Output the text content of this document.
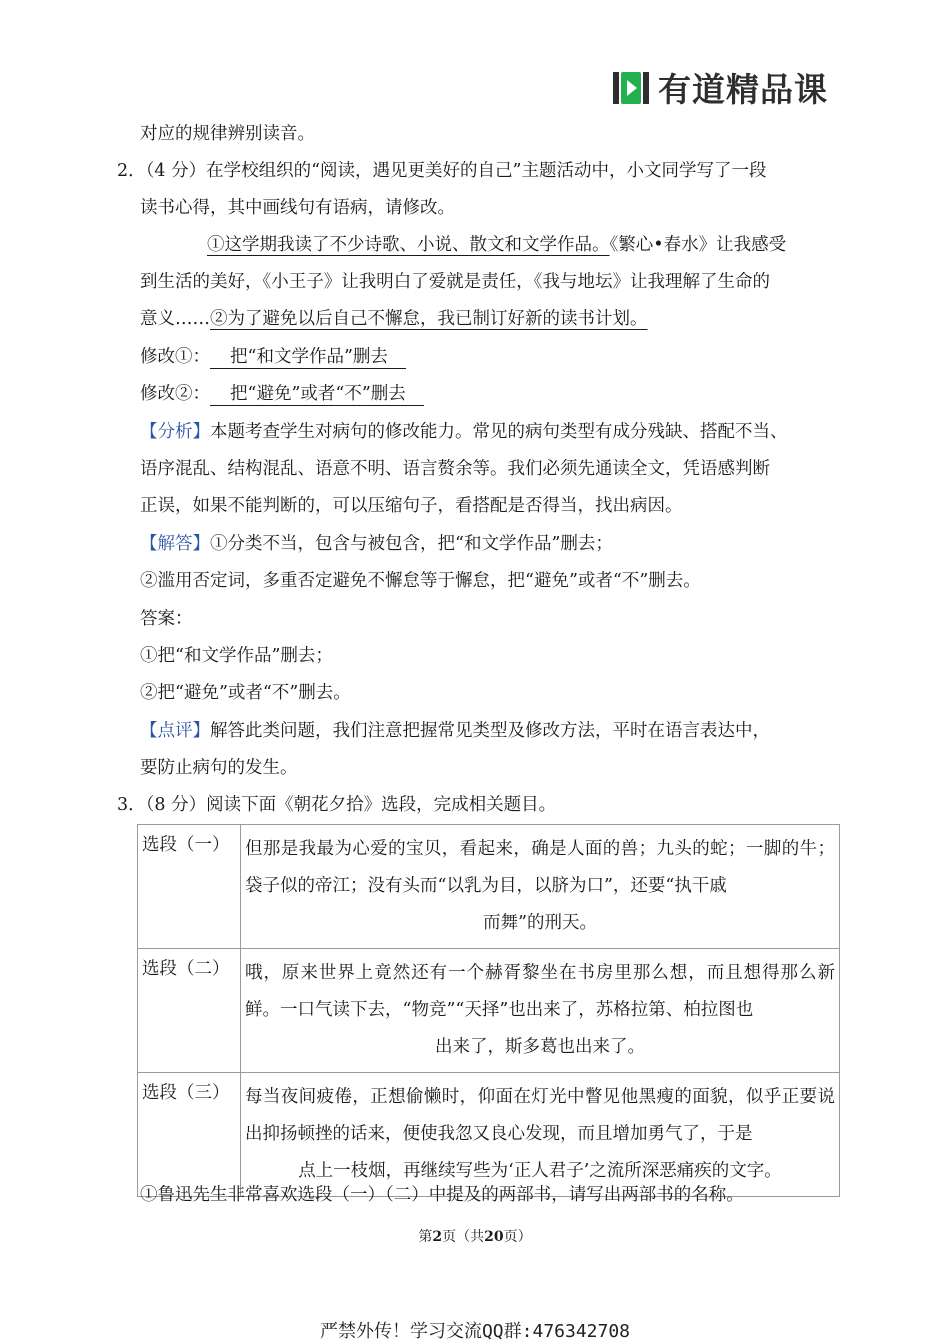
有道精品课
对应的规律辨别读音。
2．（4 分）在学校组织的“阅读，遇见更美好的自己”主题活动中，小文同学写了一段
读书心得，其中画线句有语病，请修改。
①这学期我读了不少诗歌、小说、散文和文学作品。《繁心•春水》让我感受
到生活的美好，《小王子》让我明白了爱就是责任，《我与地坛》让我理解了生命的
意义……②为了避免以后自己不懈怠，我已制订好新的读书计划。
修改①： 把“和文学作品”删去
修改②： 把“避免”或者“不”删去
【分析】本题考查学生对病句的修改能力。常见的病句类型有成分残缺、搭配不当、
语序混乱、结构混乱、语意不明、语言赘余等。我们必须先通读全文，凭语感判断
正误，如果不能判断的，可以压缩句子，看搭配是否得当，找出病因。
【解答】①分类不当，包含与被包含，把“和文学作品”删去；
②滥用否定词，多重否定避免不懈怠等于懈怠，把“避免”或者“不”删去。
答案：
①把“和文学作品”删去；
②把“避免”或者“不”删去。
【点评】解答此类问题，我们注意把握常见类型及修改方法，平时在语言表达中，
要防止病句的发生。
3．（8 分）阅读下面《朝花夕拾》选段，完成相关题目。
选段（一）	但那是我最为心爱的宝贝，看起来，确是人面的兽；九头的蛇；一脚的牛；袋子似的帝江；没有头而“以乳为目，以脐为口”，还要“执干戚
而舞”的刑天。

选段（二）	哦，原来世界上竟然还有一个赫胥黎坐在书房里那么想，而且想得那么新鲜。一口气读下去，“物竞”“天择”也出来了，苏格拉第、柏拉图也
出来了，斯多葛也出来了。

选段（三）	每当夜间疲倦，正想偷懒时，仰面在灯光中瞥见他黑瘦的面貌，似乎正要说出抑扬顿挫的话来，便使我忽又良心发现，而且增加勇气了，于是
点上一枝烟，再继续写些为‘正人君子’之流所深恶痛疾的文字。
①鲁迅先生非常喜欢选段（一）（二）中提及的两部书，请写出两部书的名称。
第2页（共20页）
严禁外传！学习交流QQ群:476342708
